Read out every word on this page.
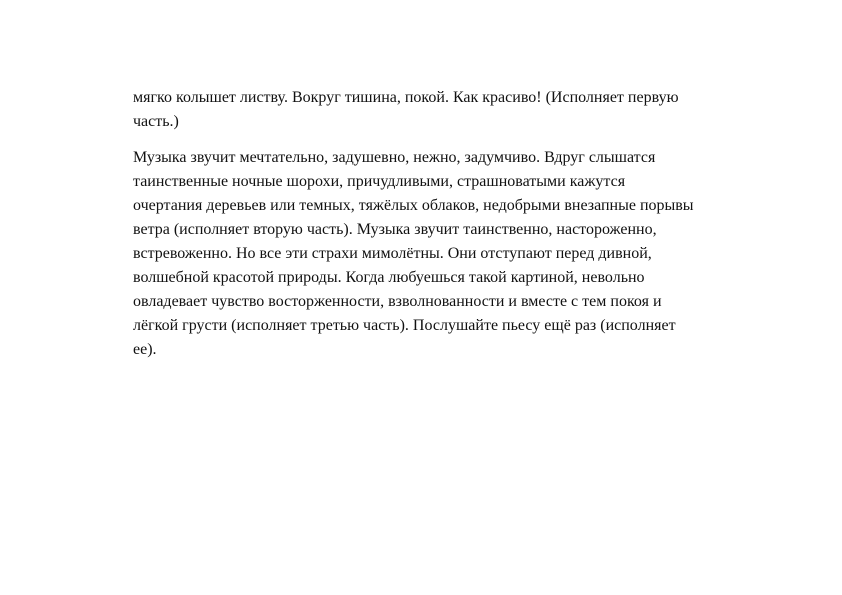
мягко колышет листву. Вокруг тишина, покой. Как красиво! (Исполняет первую
часть.)
Музыка звучит мечтательно, задушевно, нежно, задумчиво. Вдруг слышатся
таинственные ночные шорохи, причудливыми, страшноватыми кажутся
очертания деревьев или темных, тяжёлых облаков, недобрыми внезапные порывы
ветра (исполняет вторую часть). Музыка звучит таинственно, настороженно,
встревоженно. Но все эти страхи мимолётны. Они отступают перед дивной,
волшебной красотой природы. Когда любуешься такой картиной, невольно
овладевает чувство восторженности, взволнованности и вместе с тем покоя и
лёгкой грусти (исполняет третью часть). Послушайте пьесу ещё раз (исполняет
ее).
